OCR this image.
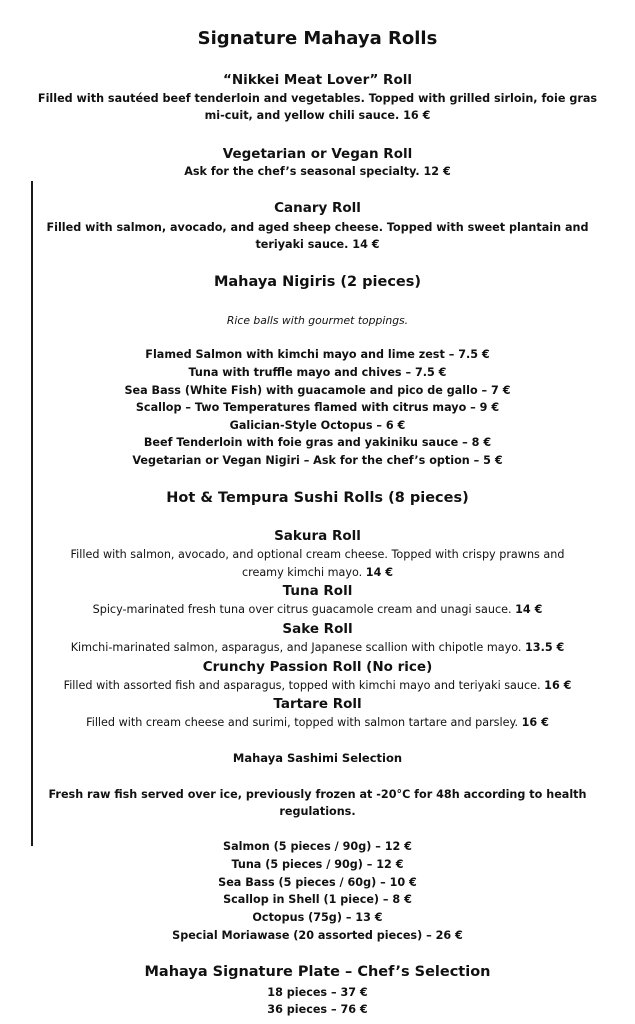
Signature Mahaya Rolls
“Nikkei Meat Lover” Roll
Filled with sautéed beef tenderloin and vegetables. Topped with grilled sirloin, foie gras
mi-cuit, and yellow chili sauce. 16 €
Vegetarian or Vegan Roll
Ask for the chef’s seasonal specialty. 12 €
Canary Roll
Filled with salmon, avocado, and aged sheep cheese. Topped with sweet plantain and
teriyaki sauce. 14 €
Mahaya Nigiris (2 pieces)
Rice balls with gourmet toppings.
Flamed Salmon with kimchi mayo and lime zest – 7.5 €
Tuna with truffle mayo and chives – 7.5 €
Sea Bass (White Fish) with guacamole and pico de gallo – 7 €
Scallop – Two Temperatures flamed with citrus mayo – 9 €
Galician-Style Octopus – 6 €
Beef Tenderloin with foie gras and yakiniku sauce – 8 €
Vegetarian or Vegan Nigiri – Ask for the chef’s option – 5 €
Hot & Tempura Sushi Rolls (8 pieces)
Sakura Roll
Filled with salmon, avocado, and optional cream cheese. Topped with crispy prawns and
creamy kimchi mayo. 14 €
Tuna Roll
Spicy-marinated fresh tuna over citrus guacamole cream and unagi sauce. 14 €
Sake Roll
Kimchi-marinated salmon, asparagus, and Japanese scallion with chipotle mayo. 13.5 €
Crunchy Passion Roll (No rice)
Filled with assorted fish and asparagus, topped with kimchi mayo and teriyaki sauce. 16 €
Tartare Roll
Filled with cream cheese and surimi, topped with salmon tartare and parsley. 16 €
Mahaya Sashimi Selection
Fresh raw fish served over ice, previously frozen at -20°C for 48h according to health
regulations.
Salmon (5 pieces / 90g) – 12 €
Tuna (5 pieces / 90g) – 12 €
Sea Bass (5 pieces / 60g) – 10 €
Scallop in Shell (1 piece) – 8 €
Octopus (75g) – 13 €
Special Moriawase (20 assorted pieces) – 26 €
Mahaya Signature Plate – Chef’s Selection
18 pieces – 37 €
36 pieces – 76 €
